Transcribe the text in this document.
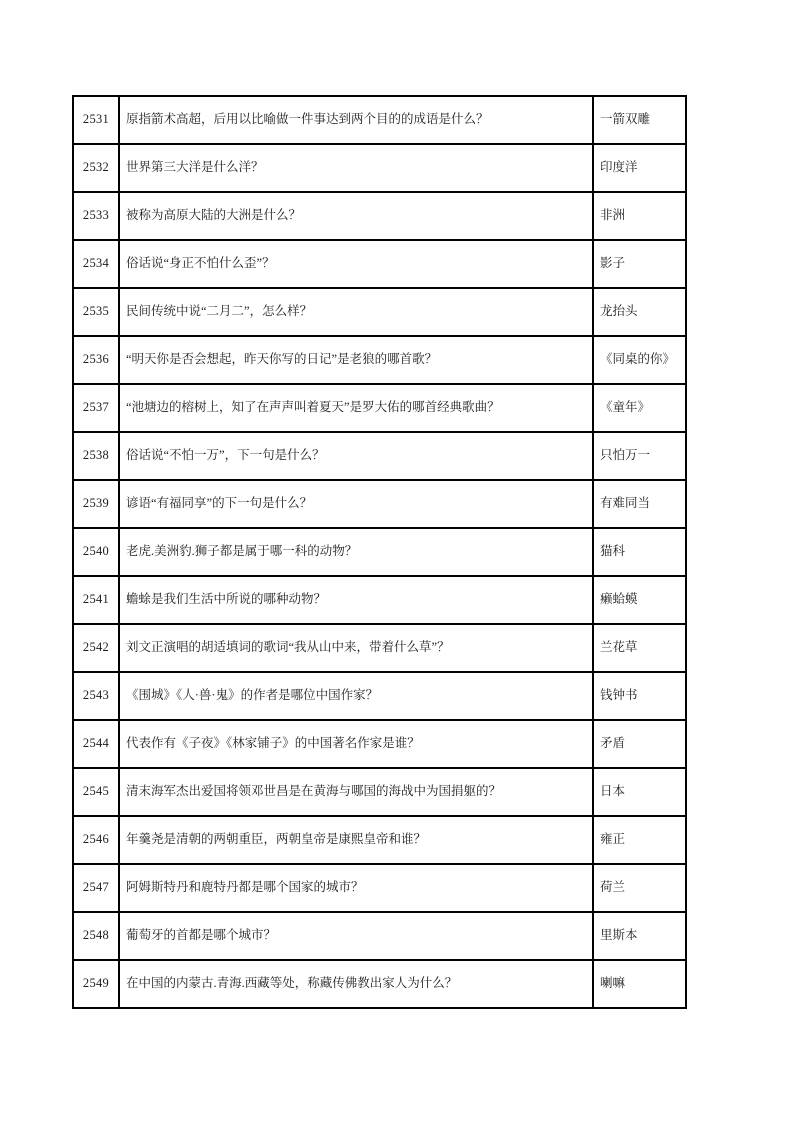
2531	原指箭术高超，后用以比喻做一件事达到两个目的的成语是什么？	一箭双雕
2532	世界第三大洋是什么洋？	印度洋
2533	被称为高原大陆的大洲是什么？	非洲
2534	俗话说“身正不怕什么歪”？	影子
2535	民间传统中说“二月二”，怎么样？	龙抬头
2536	“明天你是否会想起，昨天你写的日记”是老狼的哪首歌？	《同桌的你》
2537	“池塘边的榕树上，知了在声声叫着夏天”是罗大佑的哪首经典歌曲？	《童年》
2538	俗话说“不怕一万”，下一句是什么？	只怕万一
2539	谚语“有福同享”的下一句是什么？	有难同当
2540	老虎.美洲豹.狮子都是属于哪一科的动物？	猫科
2541	蟾蜍是我们生活中所说的哪种动物？	癞蛤蟆
2542	刘文正演唱的胡适填词的歌词“我从山中来，带着什么草”？	兰花草
2543	《围城》《人·兽·鬼》的作者是哪位中国作家？	钱钟书
2544	代表作有《子夜》《林家铺子》的中国著名作家是谁？	矛盾
2545	清末海军杰出爱国将领邓世昌是在黄海与哪国的海战中为国捐躯的？	日本
2546	年羹尧是清朝的两朝重臣，两朝皇帝是康熙皇帝和谁？	雍正
2547	阿姆斯特丹和鹿特丹都是哪个国家的城市？	荷兰
2548	葡萄牙的首都是哪个城市？	里斯本
2549	在中国的内蒙古.青海.西藏等处，称藏传佛教出家人为什么？	喇嘛
